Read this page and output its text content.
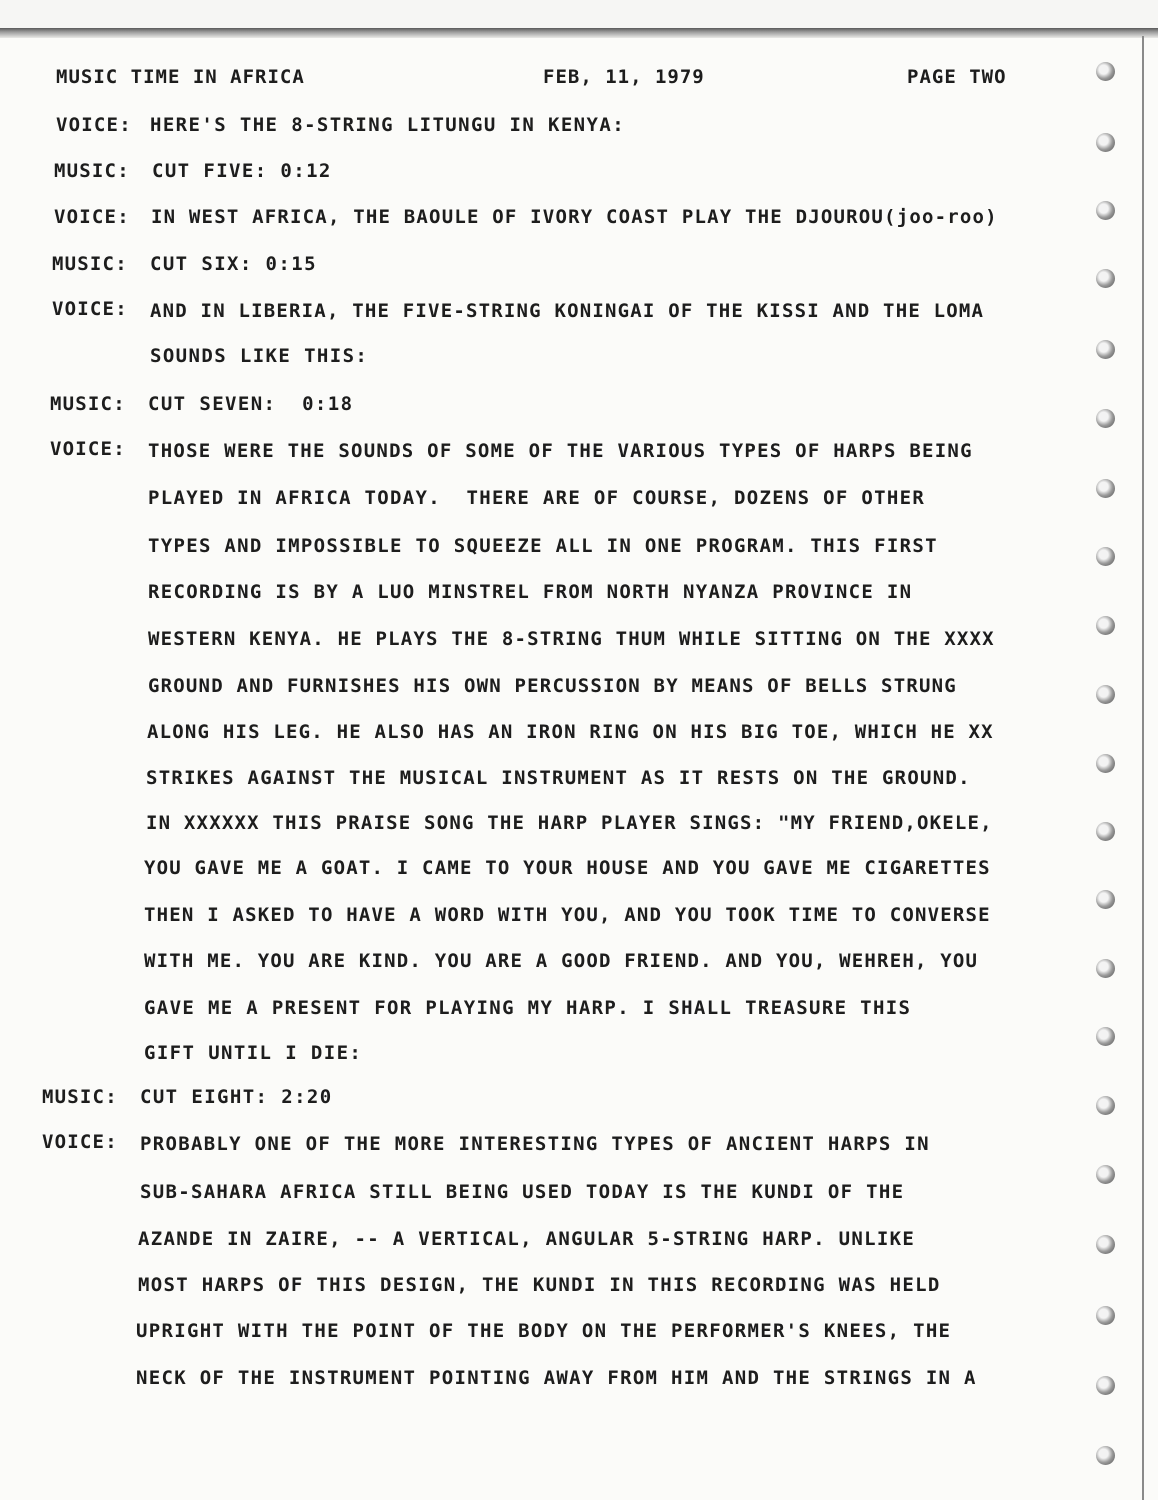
MUSIC TIME IN AFRICA	FEB, 11, 1979	PAGE TWO
VOICE: HERE'S THE 8-STRING LITUNGU IN KENYA:
MUSIC: CUT FIVE: 0:12
VOICE: IN WEST AFRICA, THE BAOULE OF IVORY COAST PLAY THE DJOUROU(joo-roo)
MUSIC: CUT SIX: 0:15
VOICE: AND IN LIBERIA, THE FIVE-STRING KONINGAI OF THE KISSI AND THE LOMA
SOUNDS LIKE THIS:
MUSIC: CUT SEVEN:  0:18
VOICE: THOSE WERE THE SOUNDS OF SOME OF THE VARIOUS TYPES OF HARPS BEING
PLAYED IN AFRICA TODAY.  THERE ARE OF COURSE, DOZENS OF OTHER
TYPES AND IMPOSSIBLE TO SQUEEZE ALL IN ONE PROGRAM. THIS FIRST
RECORDING IS BY A LUO MINSTREL FROM NORTH NYANZA PROVINCE IN
WESTERN KENYA. HE PLAYS THE 8-STRING THUM WHILE SITTING ON THE XXXX
GROUND AND FURNISHES HIS OWN PERCUSSION BY MEANS OF BELLS STRUNG
ALONG HIS LEG. HE ALSO HAS AN IRON RING ON HIS BIG TOE, WHICH HE XX
STRIKES AGAINST THE MUSICAL INSTRUMENT AS IT RESTS ON THE GROUND.
IN XXXXXX THIS PRAISE SONG THE HARP PLAYER SINGS: "MY FRIEND,OKELE,
YOU GAVE ME A GOAT. I CAME TO YOUR HOUSE AND YOU GAVE ME CIGARETTES
THEN I ASKED TO HAVE A WORD WITH YOU, AND YOU TOOK TIME TO CONVERSE
WITH ME. YOU ARE KIND. YOU ARE A GOOD FRIEND. AND YOU, WEHREH, YOU
GAVE ME A PRESENT FOR PLAYING MY HARP. I SHALL TREASURE THIS
GIFT UNTIL I DIE:
MUSIC: CUT EIGHT: 2:20
VOICE: PROBABLY ONE OF THE MORE INTERESTING TYPES OF ANCIENT HARPS IN
SUB-SAHARA AFRICA STILL BEING USED TODAY IS THE KUNDI OF THE
AZANDE IN ZAIRE, -- A VERTICAL, ANGULAR 5-STRING HARP. UNLIKE
MOST HARPS OF THIS DESIGN, THE KUNDI IN THIS RECORDING WAS HELD
UPRIGHT WITH THE POINT OF THE BODY ON THE PERFORMER'S KNEES, THE
NECK OF THE INSTRUMENT POINTING AWAY FROM HIM AND THE STRINGS IN A
